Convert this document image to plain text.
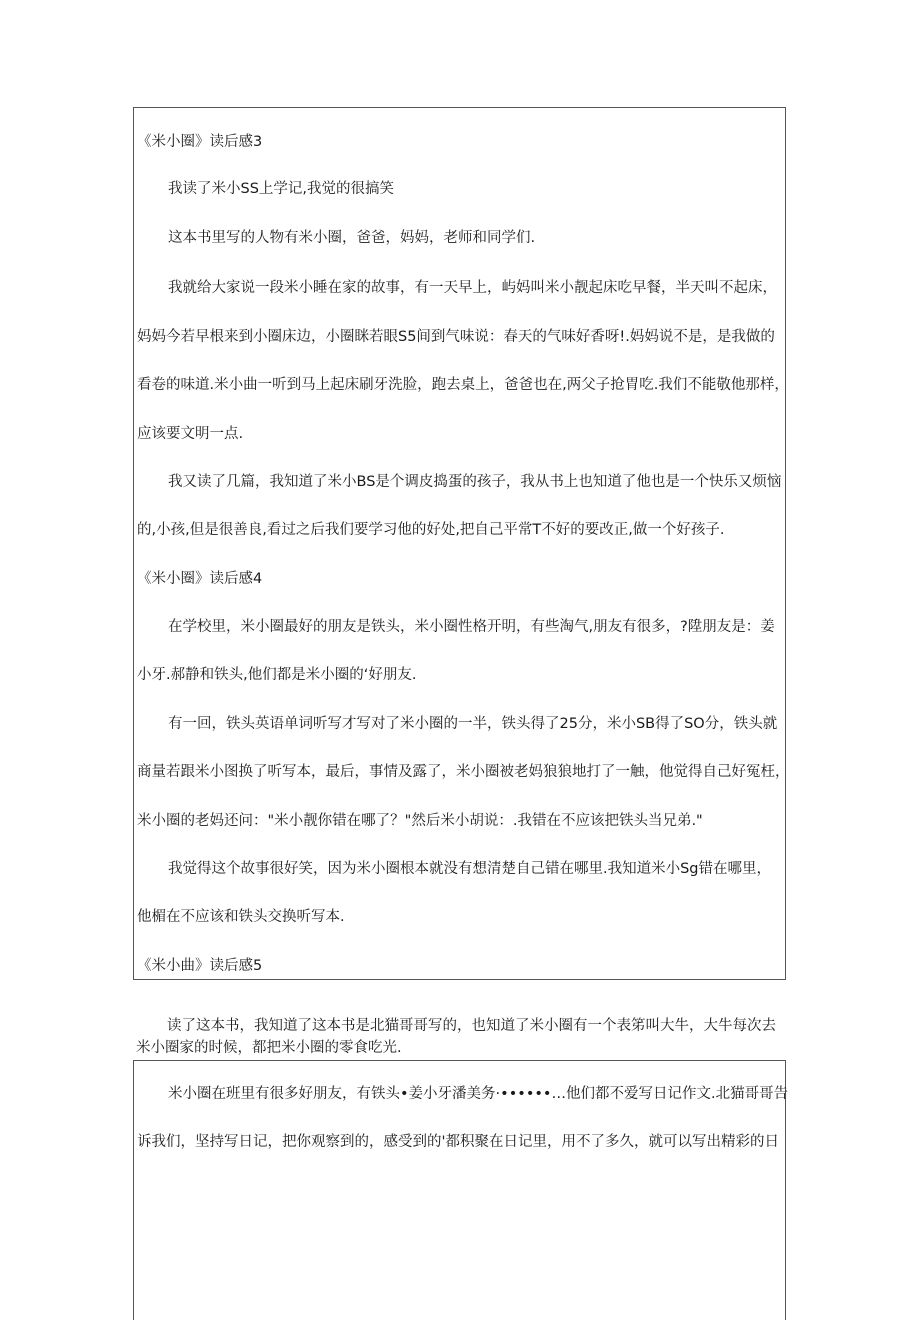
《米小圈》读后感3
我读了米小SS上学记,我觉的很搞笑
这本书里写的人物有米小圈，爸爸，妈妈，老师和同学们.
我就给大家说一段米小睡在家的故事，有一天早上，屿妈叫米小靓起床吃早餐，半天叫不起床，
妈妈今若早根来到小圈床边，小圈眯若眼S5间到气味说：春天的气味好香呀!.妈妈说不是，是我做的
看卷的味道.米小曲一听到马上起床刷牙洗脸，跑去桌上，爸爸也在,两父子抢胃吃.我们不能敬他那样，
应该要文明一点.
我又读了几篇，我知道了米小BS是个调皮捣蛋的孩子，我从书上也知道了他也是一个快乐又烦恼
的,小孩,但是很善良,看过之后我们要学习他的好处,把自己平常T不好的要改正,做一个好孩子.
《米小圈》读后感4
在学校里，米小圈最好的朋友是铁头，米小圈性格开明，有些淘气,朋友有很多，?陞朋友是：姜
小牙.郝静和铁头,他们都是米小圈的‘好朋友.
有一回，铁头英语单词听写才写对了米小圈的一半，铁头得了25分，米小SB得了SO分，铁头就
商量若跟米小图换了听写本，最后，事情及露了，米小圈被老妈狼狼地打了一触，他觉得自己好冤枉，
米小圈的老妈还问："米小靓你错在哪了？"然后米小胡说：.我错在不应该把铁头当兄弟."
我觉得这个故事很好笑，因为米小圈根本就没有想清楚自己错在哪里.我知道米小Sg错在哪里，
他楣在不应该和铁头交换听写本.
《米小曲》读后感5
读了这本书，我知道了这本书是北猫哥哥写的，也知道了米小圈有一个表笫叫大牛，大牛每次去
米小圈家的时候，都把米小圈的零食吃光.
米小圈在班里有很多好朋友，有铁头•姜小牙潘美务·••••••…他们都不爱写日记作文.北猫哥哥告
诉我们，坚持写日记，把你观察到的，感受到的'都积聚在日记里，用不了多久，就可以写出精彩的日
